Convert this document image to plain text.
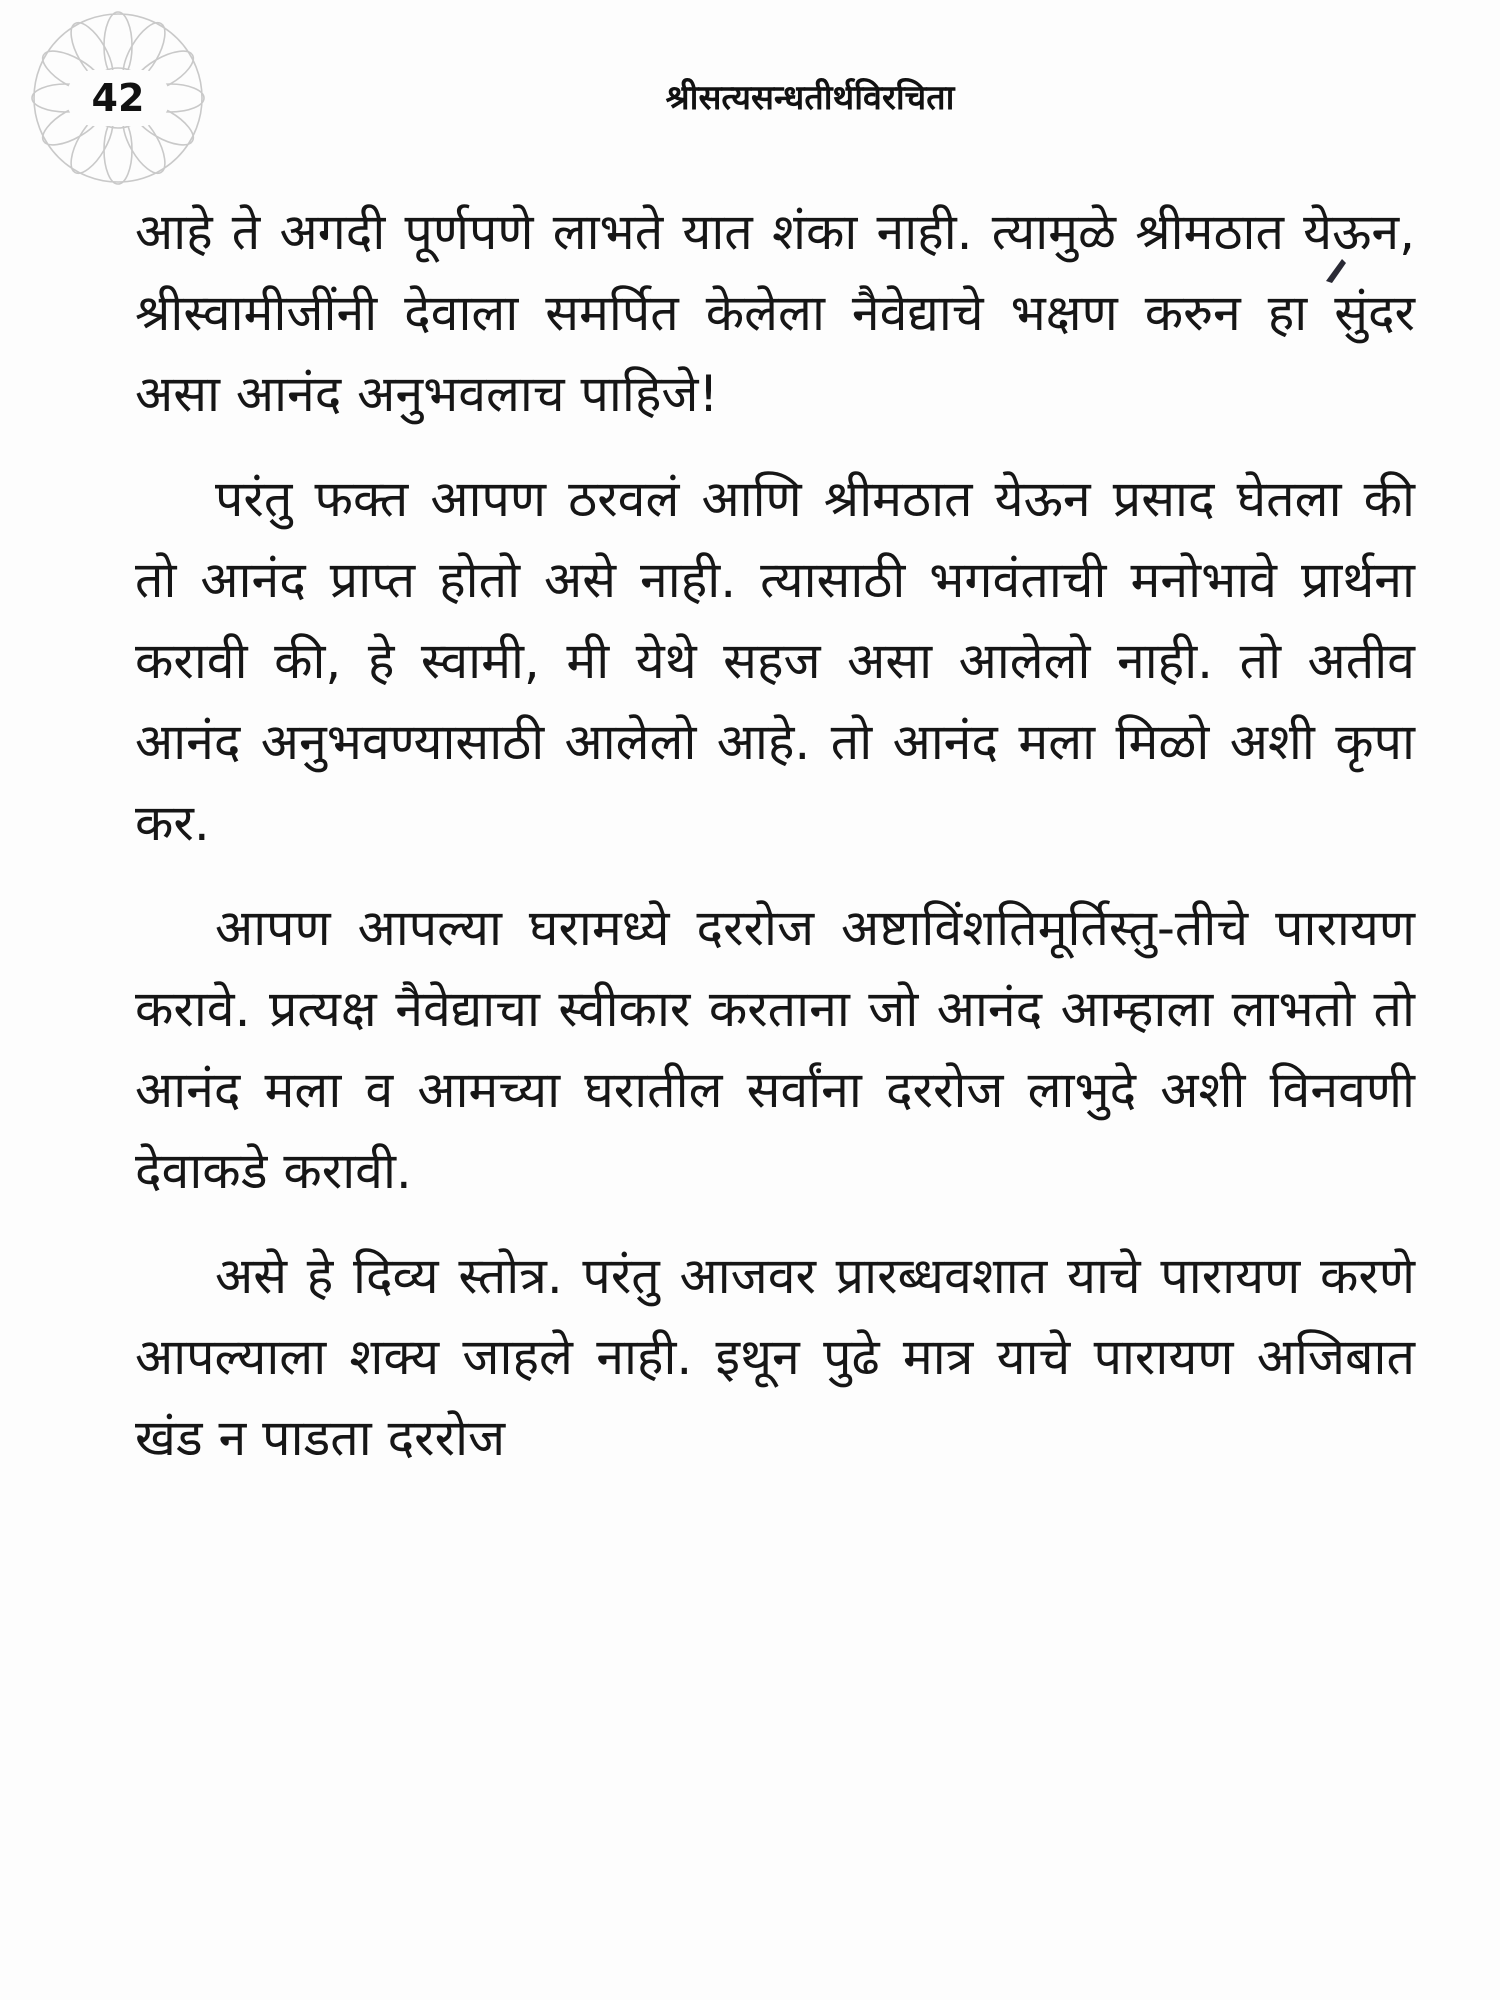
42	श्रीसत्यसन्धतीर्थविरचिता

आहे ते अगदी पूर्णपणे लाभते यात शंका नाही. त्यामुळे श्रीमठात येऊन, श्रीस्वामीजींनी देवाला समर्पित केलेला नैवेद्याचे भक्षण करुन हा सुंदर असा आनंद अनुभवलाच पाहिजे!

परंतु फक्त आपण ठरवलं आणि श्रीमठात येऊन प्रसाद घेतला की तो आनंद प्राप्त होतो असे नाही. त्यासाठी भगवंताची मनोभावे प्रार्थना करावी की, हे स्वामी, मी येथे सहज असा आलेलो नाही. तो अतीव आनंद अनुभवण्यासाठी आलेलो आहे. तो आनंद मला मिळो अशी कृपा कर.

आपण आपल्या घरामध्ये दररोज अष्टाविंशतिमूर्तिस्तु-तीचे पारायण करावे. प्रत्यक्ष नैवेद्याचा स्वीकार करताना जो आनंद आम्हाला लाभतो तो आनंद मला व आमच्या घरातील सर्वांना दररोज लाभुदे अशी विनवणी देवाकडे करावी.

असे हे दिव्य स्तोत्र. परंतु आजवर प्रारब्धवशात याचे पारायण करणे आपल्याला शक्य जाहले नाही. इथून पुढे मात्र याचे पारायण अजिबात खंड न पाडता दररोज
